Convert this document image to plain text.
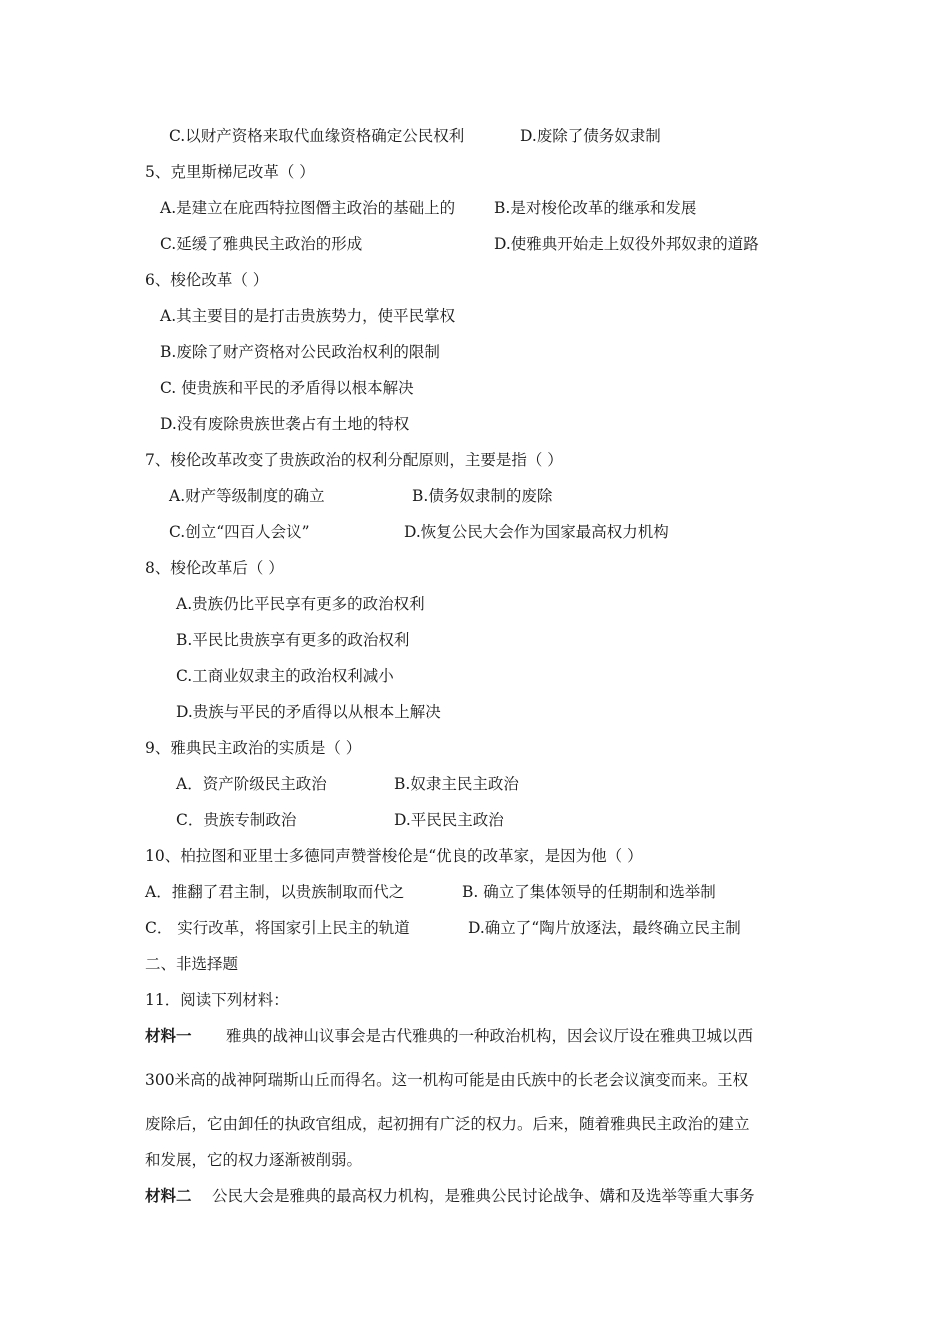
C.以财产资格来取代血缘资格确定公民权利	D.废除了债务奴隶制
5、克里斯梯尼改革（ ）
A.是建立在庇西特拉图僭主政治的基础上的	B.是对梭伦改革的继承和发展
C.延缓了雅典民主政治的形成	D.使雅典开始走上奴役外邦奴隶的道路
6、梭伦改革（ ）
A.其主要目的是打击贵族势力，使平民掌权
B.废除了财产资格对公民政治权利的限制
C. 使贵族和平民的矛盾得以根本解决
D.没有废除贵族世袭占有土地的特权
7、梭伦改革改变了贵族政治的权利分配原则，主要是指（ ）
A.财产等级制度的确立	B.债务奴隶制的废除
C.创立“四百人会议”	D.恢复公民大会作为国家最高权力机构
8、梭伦改革后（ ）
A.贵族仍比平民享有更多的政治权利
B.平民比贵族享有更多的政治权利
C.工商业奴隶主的政治权利减小
D.贵族与平民的矛盾得以从根本上解决
9、雅典民主政治的实质是（ ）
A．资产阶级民主政治	B.奴隶主民主政治
C．贵族专制政治	D.平民民主政治
10、柏拉图和亚里士多德同声赞誉梭伦是“优良的改革家，是因为他（ ）
A．推翻了君主制，以贵族制取而代之	B. 确立了集体领导的任期制和选举制
C． 实行改革，将国家引上民主的轨道	D.确立了“陶片放逐法，最终确立民主制
二、非选择题
11．阅读下列材料：
材料一 雅典的战神山议事会是古代雅典的一种政治机构，因会议厅设在雅典卫城以西
300米高的战神阿瑞斯山丘而得名。这一机构可能是由氏族中的长老会议演变而来。王权
废除后，它由卸任的执政官组成，起初拥有广泛的权力。后来，随着雅典民主政治的建立
和发展，它的权力逐渐被削弱。
材料二 公民大会是雅典的最高权力机构，是雅典公民讨论战争、媾和及选举等重大事务
